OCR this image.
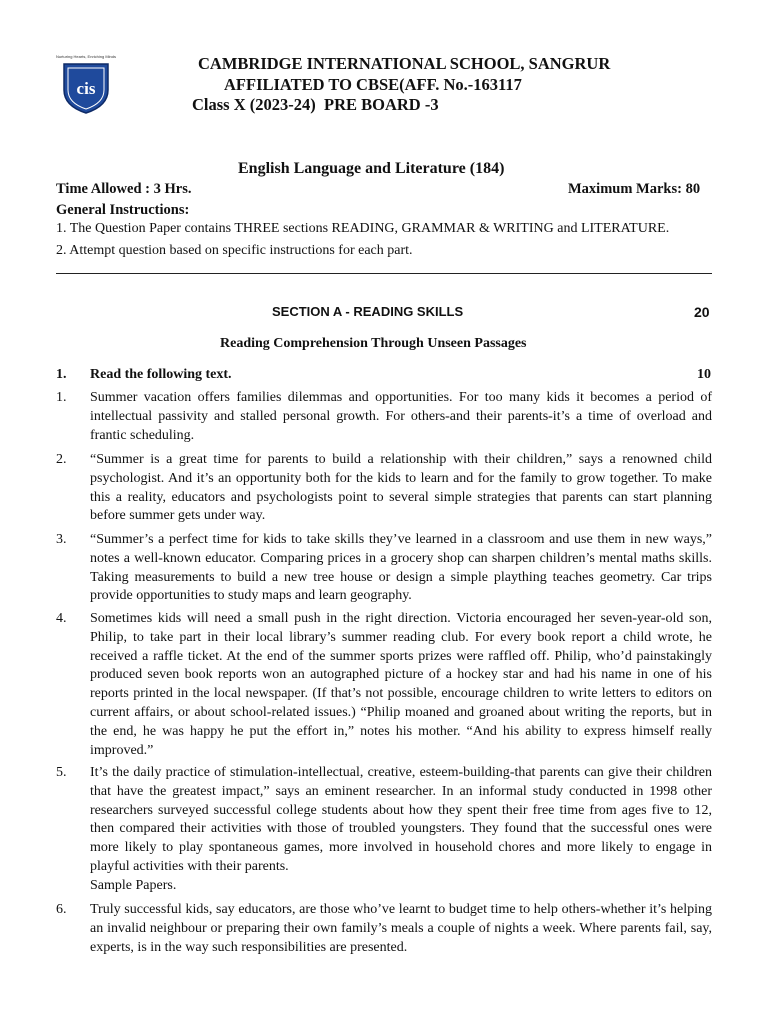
Nurturing Hearts, Enriching Minds
cis
CAMBRIDGE INTERNATIONAL SCHOOL, SANGRUR
AFFILIATED TO CBSE(AFF. No.-163117
Class X (2023-24)  PRE BOARD -3
English Language and Literature (184)
Time Allowed : 3 Hrs.	Maximum Marks: 80
General Instructions:
1. The Question Paper contains THREE sections READING, GRAMMAR & WRITING and LITERATURE.
2. Attempt question based on specific instructions for each part.
SECTION A - READING SKILLS	20
Reading Comprehension Through Unseen Passages
1. Read the following text.	10
1. Summer vacation offers families dilemmas and opportunities. For too many kids it becomes a period of intellectual passivity and stalled personal growth. For others-and their parents-it’s a time of overload and frantic scheduling.
2. “Summer is a great time for parents to build a relationship with their children,” says a renowned child psychologist. And it’s an opportunity both for the kids to learn and for the family to grow together. To make this a reality, educators and psychologists point to several simple strategies that parents can start planning before summer gets under way.
3. “Summer’s a perfect time for kids to take skills they’ve learned in a classroom and use them in new ways,” notes a well-known educator. Comparing prices in a grocery shop can sharpen children’s mental maths skills. Taking measurements to build a new tree house or design a simple plaything teaches geometry. Car trips provide opportunities to study maps and learn geography.
4. Sometimes kids will need a small push in the right direction. Victoria encouraged her seven-year-old son, Philip, to take part in their local library’s summer reading club. For every book report a child wrote, he received a raffle ticket. At the end of the summer sports prizes were raffled off. Philip, who’d painstakingly produced seven book reports won an autographed picture of a hockey star and had his name in one of his reports printed in the local newspaper. (If that’s not possible, encourage children to write letters to editors on current affairs, or about school-related issues.) “Philip moaned and groaned about writing the reports, but in the end, he was happy he put the effort in,” notes his mother. “And his ability to express himself really improved.”
5. It’s the daily practice of stimulation-intellectual, creative, esteem-building-that parents can give their children that have the greatest impact,” says an eminent researcher. In an informal study conducted in 1998 other researchers surveyed successful college students about how they spent their free time from ages five to 12, then compared their activities with those of troubled youngsters. They found that the successful ones were more likely to play spontaneous games, more involved in household chores and more likely to engage in playful activities with their parents.
Sample Papers.
6. Truly successful kids, say educators, are those who’ve learnt to budget time to help others-whether it’s helping an invalid neighbour or preparing their own family’s meals a couple of nights a week. Where parents fail, say, experts, is in the way such responsibilities are presented.
